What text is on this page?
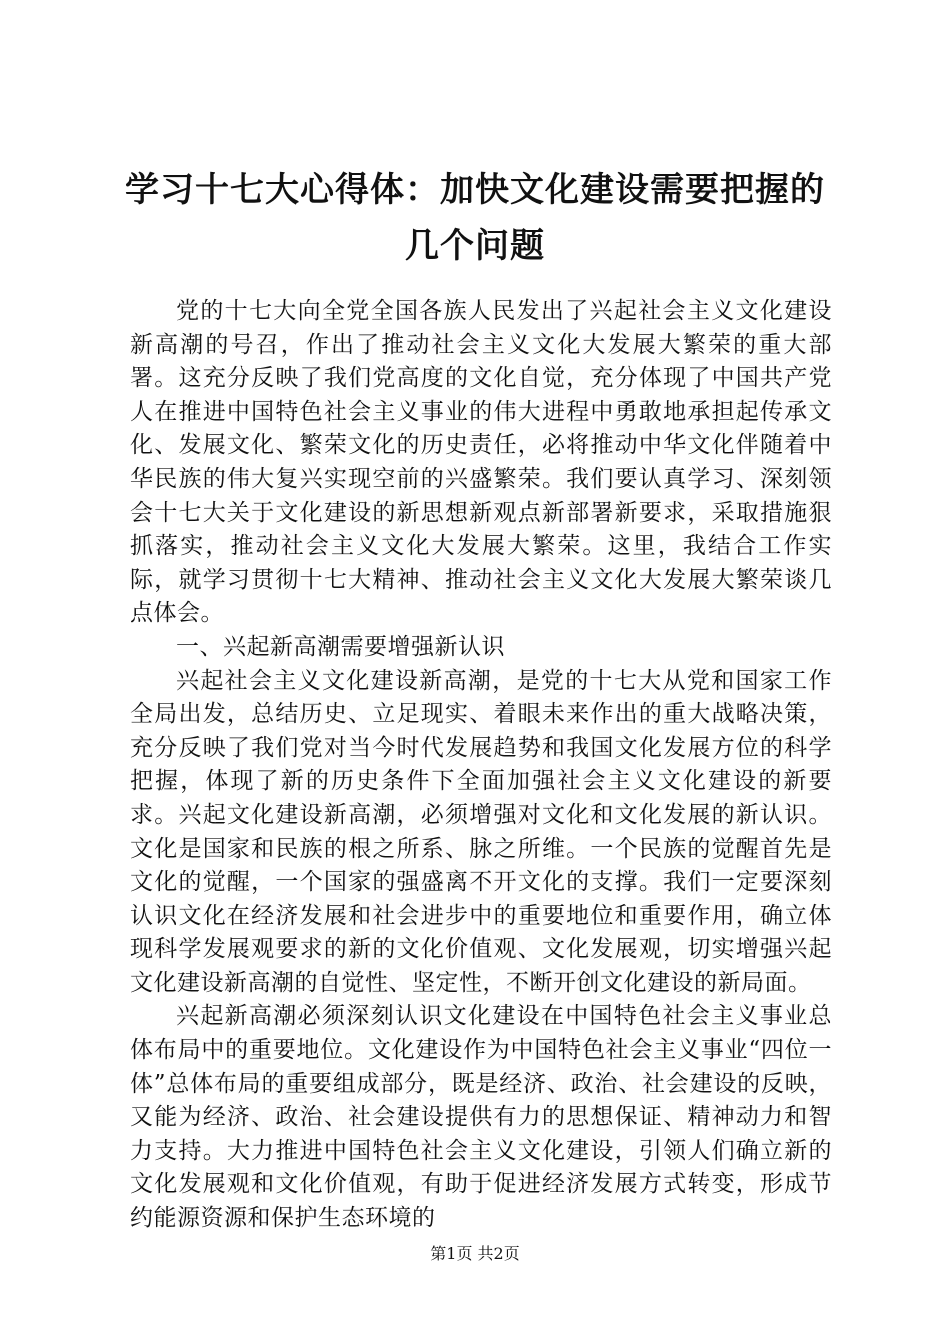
学习十七大心得体：加快文化建设需要把握的
几个问题

党的十七大向全党全国各族人民发出了兴起社会主义文化建设新高潮的号召，作出了推动社会主义文化大发展大繁荣的重大部署。这充分反映了我们党高度的文化自觉，充分体现了中国共产党人在推进中国特色社会主义事业的伟大进程中勇敢地承担起传承文化、发展文化、繁荣文化的历史责任，必将推动中华文化伴随着中华民族的伟大复兴实现空前的兴盛繁荣。我们要认真学习、深刻领会十七大关于文化建设的新思想新观点新部署新要求，采取措施狠抓落实，推动社会主义文化大发展大繁荣。这里，我结合工作实际，就学习贯彻十七大精神、推动社会主义文化大发展大繁荣谈几点体会。

一、兴起新高潮需要增强新认识

兴起社会主义文化建设新高潮，是党的十七大从党和国家工作全局出发，总结历史、立足现实、着眼未来作出的重大战略决策，充分反映了我们党对当今时代发展趋势和我国文化发展方位的科学把握，体现了新的历史条件下全面加强社会主义文化建设的新要求。兴起文化建设新高潮，必须增强对文化和文化发展的新认识。文化是国家和民族的根之所系、脉之所维。一个民族的觉醒首先是文化的觉醒，一个国家的强盛离不开文化的支撑。我们一定要深刻认识文化在经济发展和社会进步中的重要地位和重要作用，确立体现科学发展观要求的新的文化价值观、文化发展观，切实增强兴起文化建设新高潮的自觉性、坚定性，不断开创文化建设的新局面。

兴起新高潮必须深刻认识文化建设在中国特色社会主义事业总体布局中的重要地位。文化建设作为中国特色社会主义事业“四位一体”总体布局的重要组成部分，既是经济、政治、社会建设的反映，又能为经济、政治、社会建设提供有力的思想保证、精神动力和智力支持。大力推进中国特色社会主义文化建设，引领人们确立新的文化发展观和文化价值观，有助于促进经济发展方式转变，形成节约能源资源和保护生态环境的

第1页 共2页
